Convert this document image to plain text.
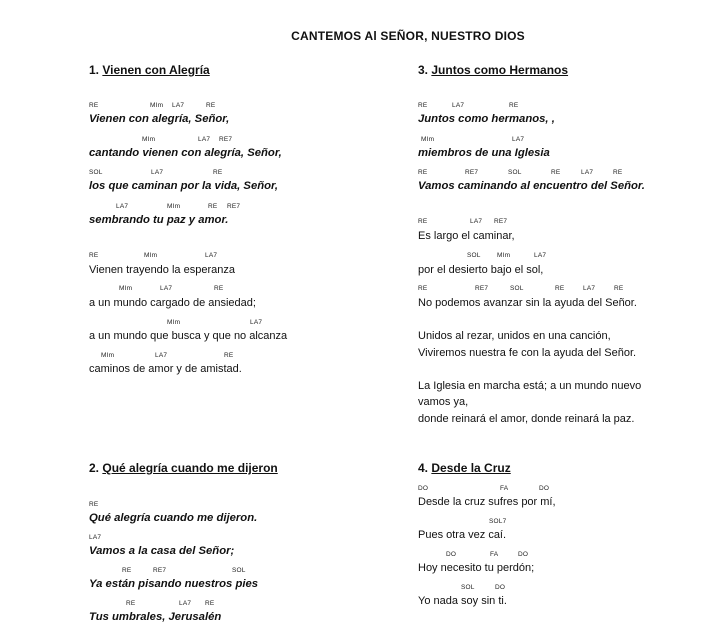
CANTEMOS Al SEÑOR, NUESTRO DIOS
1. Vienen con Alegría
RE	MIm LA7	RE
Vienen con alegría, Señor,
MIm	LA7 RE7
cantando vienen con alegría, Señor,
SOL	LA7	RE
los que caminan por la vida, Señor,
LA7	MIm	RE RE7
sembrando tu paz y amor.
RE	MIm	LA7
Vienen trayendo la esperanza
MIm	LA7	RE
a un mundo cargado de ansiedad;
MIm	LA7
a un mundo que busca y que no alcanza
MIm	LA7	RE
caminos de amor y de amistad.
2. Qué alegría cuando me dijeron
RE
Qué alegría cuando me dijeron.
LA7
Vamos a la casa del Señor;
RE	RE7	SOL
Ya están pisando nuestros pies
RE	LA7 RE
Tus umbrales, Jerusalén
3. Juntos como Hermanos
RE	LA7	RE
Juntos como hermanos, ,
MIm	LA7
miembros de una Iglesia
RE	RE7	SOL	RE	LA7	RE
Vamos caminando al encuentro del Señor.
RE	LA7 RE7
Es largo el caminar,
SOL	MIm	LA7
por el desierto bajo el sol,
RE	RE7	SOL	RE	LA7	RE
No podemos avanzar sin la ayuda del Señor.
Unidos al rezar, unidos en una canción,
Viviremos nuestra fe con la ayuda del Señor.
La Iglesia en marcha está; a un mundo nuevo
vamos ya,
donde reinará el amor, donde reinará la paz.
4. Desde la Cruz
DO	FA	DO
Desde la cruz sufres por mí,
SOL7
Pues otra vez caí.
DO	FA	DO
Hoy necesito tu perdón;
SOL	DO
Yo nada soy sin ti.
